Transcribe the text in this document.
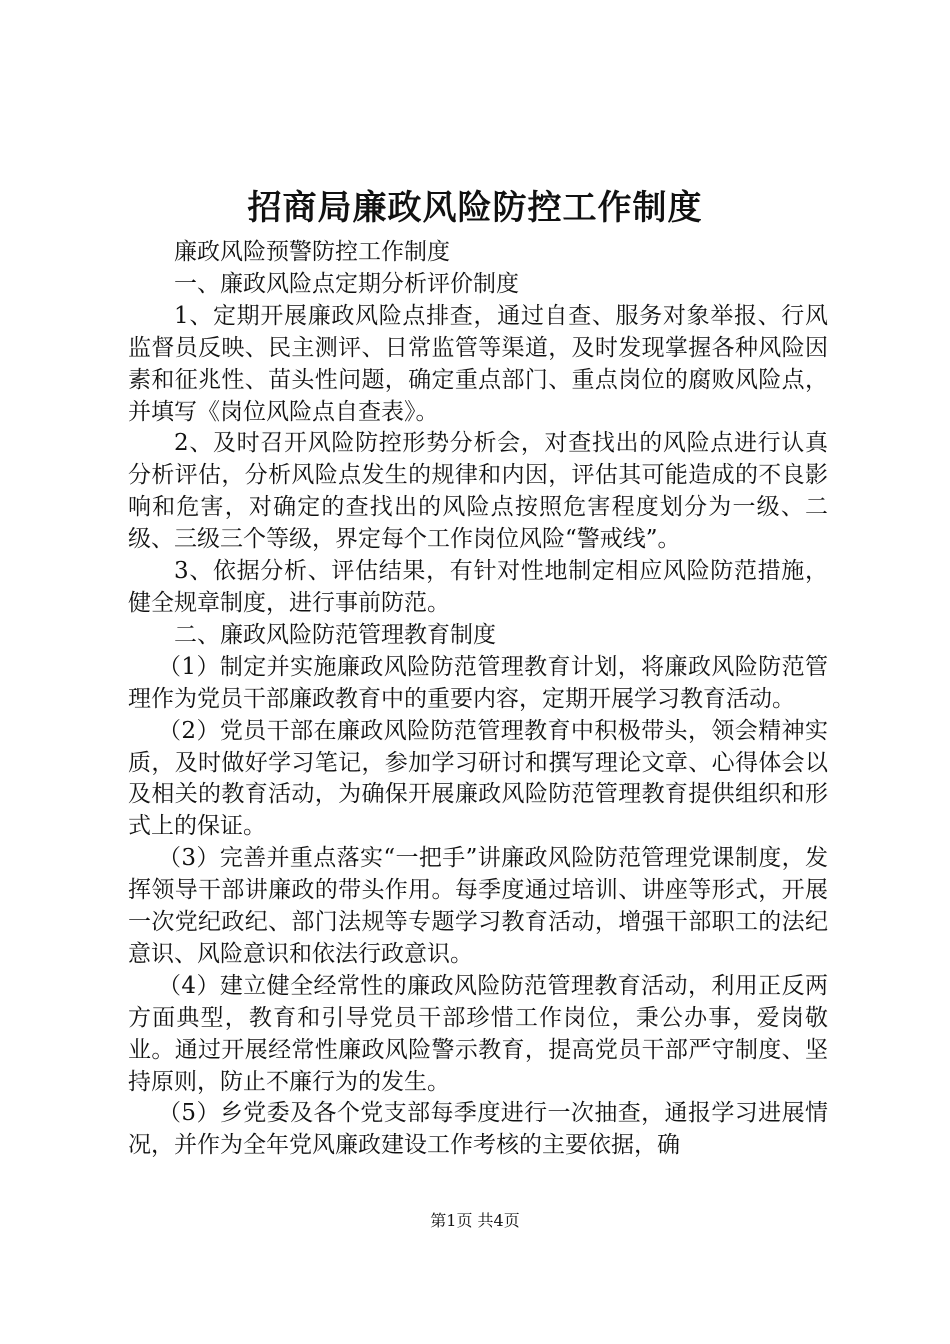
招商局廉政风险防控工作制度

廉政风险预警防控工作制度

一、廉政风险点定期分析评价制度

1、定期开展廉政风险点排查，通过自查、服务对象举报、行风监督员反映、民主测评、日常监管等渠道，及时发现掌握各种风险因素和征兆性、苗头性问题，确定重点部门、重点岗位的腐败风险点，并填写《岗位风险点自查表》。

2、及时召开风险防控形势分析会，对查找出的风险点进行认真分析评估，分析风险点发生的规律和内因，评估其可能造成的不良影响和危害，对确定的查找出的风险点按照危害程度划分为一级、二级、三级三个等级，界定每个工作岗位风险“警戒线”。

3、依据分析、评估结果，有针对性地制定相应风险防范措施，健全规章制度，进行事前防范。

二、廉政风险防范管理教育制度

（1）制定并实施廉政风险防范管理教育计划，将廉政风险防范管理作为党员干部廉政教育中的重要内容，定期开展学习教育活动。

（2）党员干部在廉政风险防范管理教育中积极带头，领会精神实质，及时做好学习笔记，参加学习研讨和撰写理论文章、心得体会以及相关的教育活动，为确保开展廉政风险防范管理教育提供组织和形式上的保证。

（3）完善并重点落实“一把手”讲廉政风险防范管理党课制度，发挥领导干部讲廉政的带头作用。每季度通过培训、讲座等形式，开展一次党纪政纪、部门法规等专题学习教育活动，增强干部职工的法纪意识、风险意识和依法行政意识。

（4）建立健全经常性的廉政风险防范管理教育活动，利用正反两方面典型，教育和引导党员干部珍惜工作岗位，秉公办事，爱岗敬业。通过开展经常性廉政风险警示教育，提高党员干部严守制度、坚持原则，防止不廉行为的发生。

（5）乡党委及各个党支部每季度进行一次抽查，通报学习进展情况，并作为全年党风廉政建设工作考核的主要依据，确

第1页 共4页
